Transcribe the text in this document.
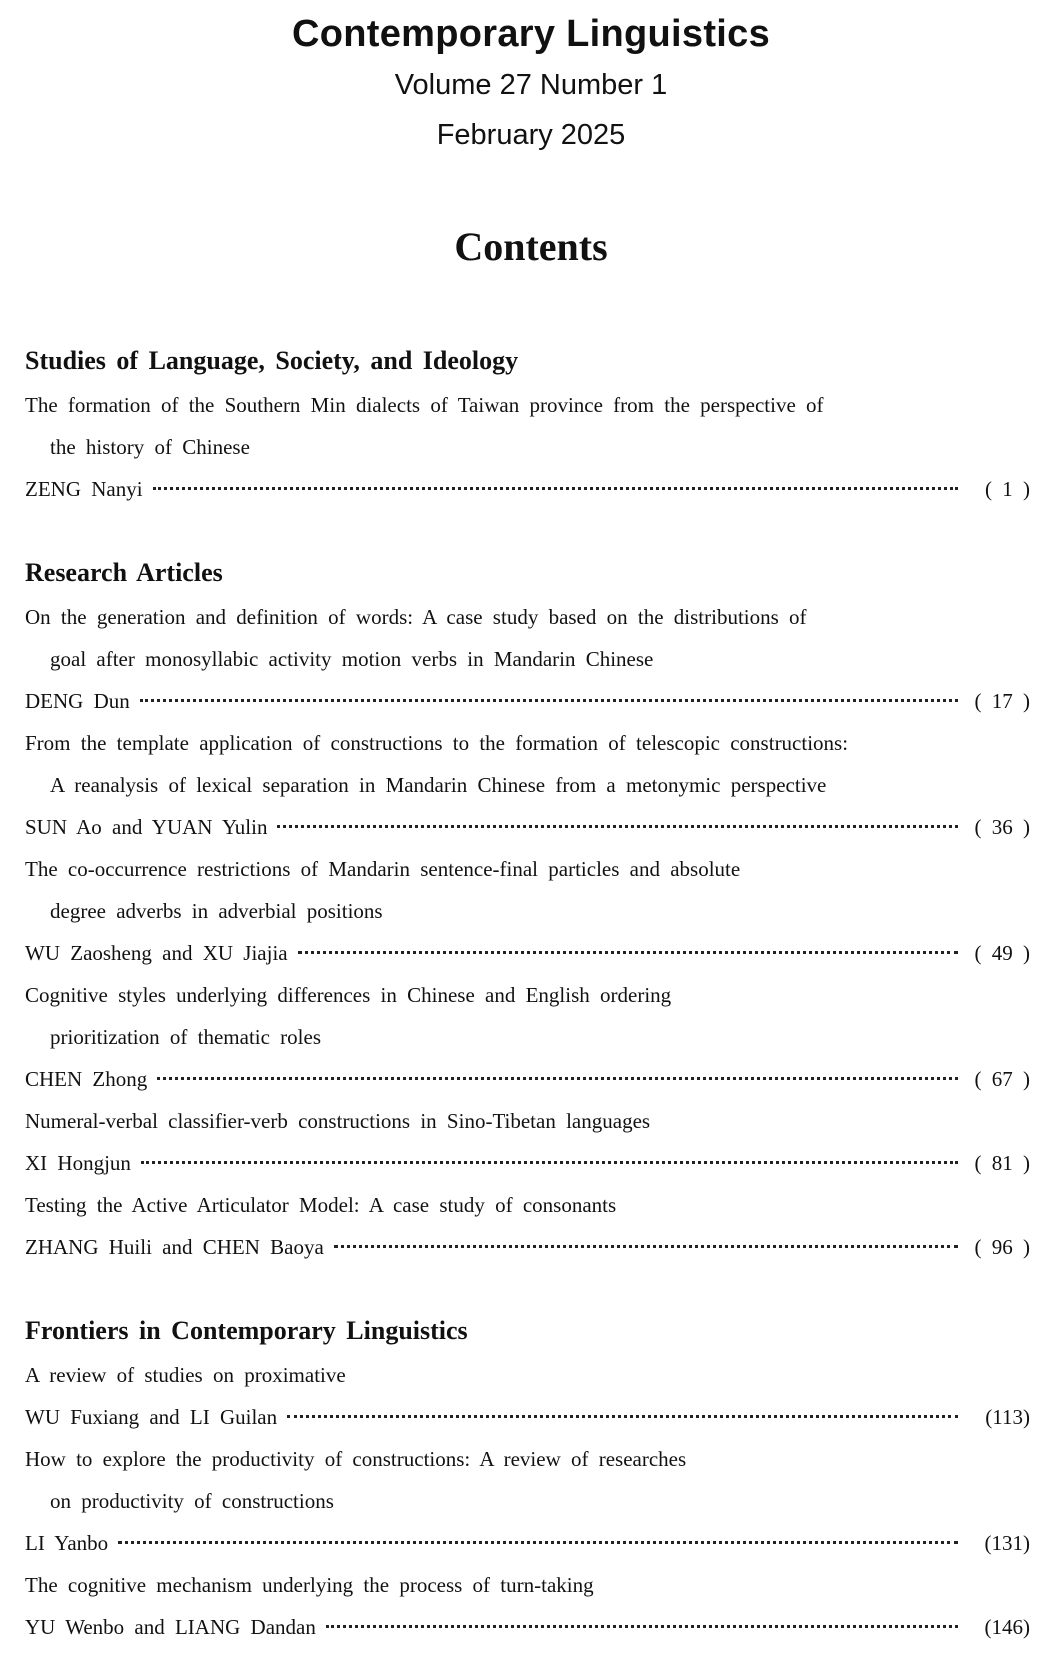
Contemporary Linguistics
Volume 27 Number 1
February 2025
Contents
Studies of Language, Society, and Ideology
The formation of the Southern Min dialects of Taiwan province from the perspective of
the history of Chinese
ZENG Nanyi	( 1 )
Research Articles
On the generation and definition of words: A case study based on the distributions of
goal after monosyllabic activity motion verbs in Mandarin Chinese
DENG Dun	( 17 )
From the template application of constructions to the formation of telescopic constructions:
A reanalysis of lexical separation in Mandarin Chinese from a metonymic perspective
SUN Ao and YUAN Yulin	( 36 )
The co-occurrence restrictions of Mandarin sentence-final particles and absolute
degree adverbs in adverbial positions
WU Zaosheng and XU Jiajia	( 49 )
Cognitive styles underlying differences in Chinese and English ordering
prioritization of thematic roles
CHEN Zhong	( 67 )
Numeral-verbal classifier-verb constructions in Sino-Tibetan languages
XI Hongjun	( 81 )
Testing the Active Articulator Model: A case study of consonants
ZHANG Huili and CHEN Baoya	( 96 )
Frontiers in Contemporary Linguistics
A review of studies on proximative
WU Fuxiang and LI Guilan	(113)
How to explore the productivity of constructions: A review of researches
on productivity of constructions
LI Yanbo	(131)
The cognitive mechanism underlying the process of turn-taking
YU Wenbo and LIANG Dandan	(146)
